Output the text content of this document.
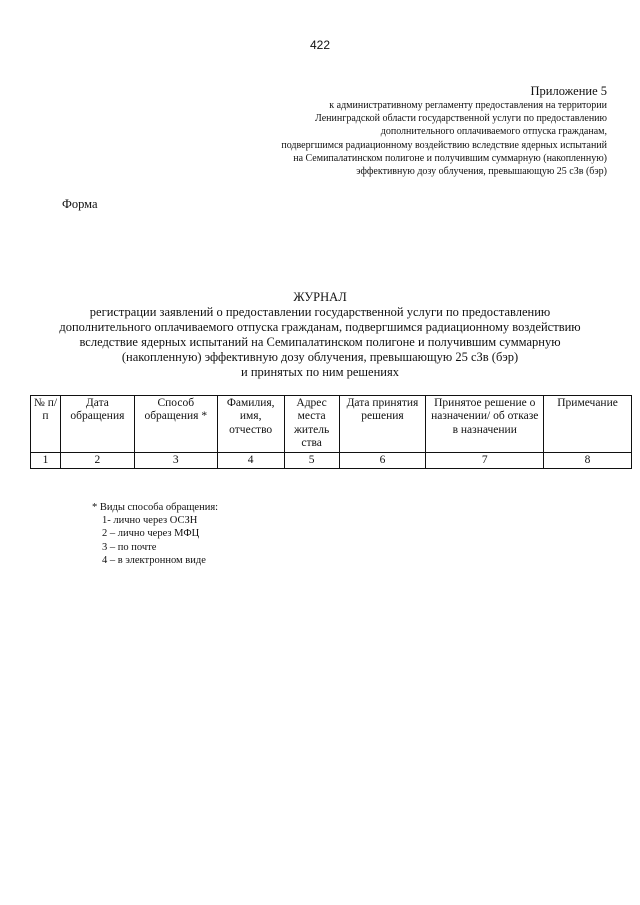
422
Приложение 5
к административному регламенту предоставления на территории
Ленинградской области государственной услуги по предоставлению
дополнительного оплачиваемого отпуска гражданам,
подвергшимся радиационному воздействию вследствие ядерных испытаний
на Семипалатинском полигоне и получившим суммарную (накопленную)
эффективную дозу облучения, превышающую 25 сЗв (бэр)
Форма
ЖУРНАЛ
регистрации заявлений о предоставлении государственной услуги по предоставлению
дополнительного оплачиваемого отпуска гражданам, подвергшимся радиационному воздействию
вследствие ядерных испытаний на Семипалатинском полигоне и получившим суммарную
(накопленную) эффективную дозу облучения, превышающую 25 сЗв (бэр)
и принятых по ним решениях
№ п/п	Дата обращения	Способ обращения *	Фамилия, имя, отчество	Адрес места житель ства	Дата принятия решения	Принятое решение о назначении/ об отказе в назначении	Примечание
1	2	3	4	5	6	7	8
* Виды способа обращения:
1- лично через ОСЗН
2 – лично через МФЦ
3 – по почте
4 – в электронном виде
